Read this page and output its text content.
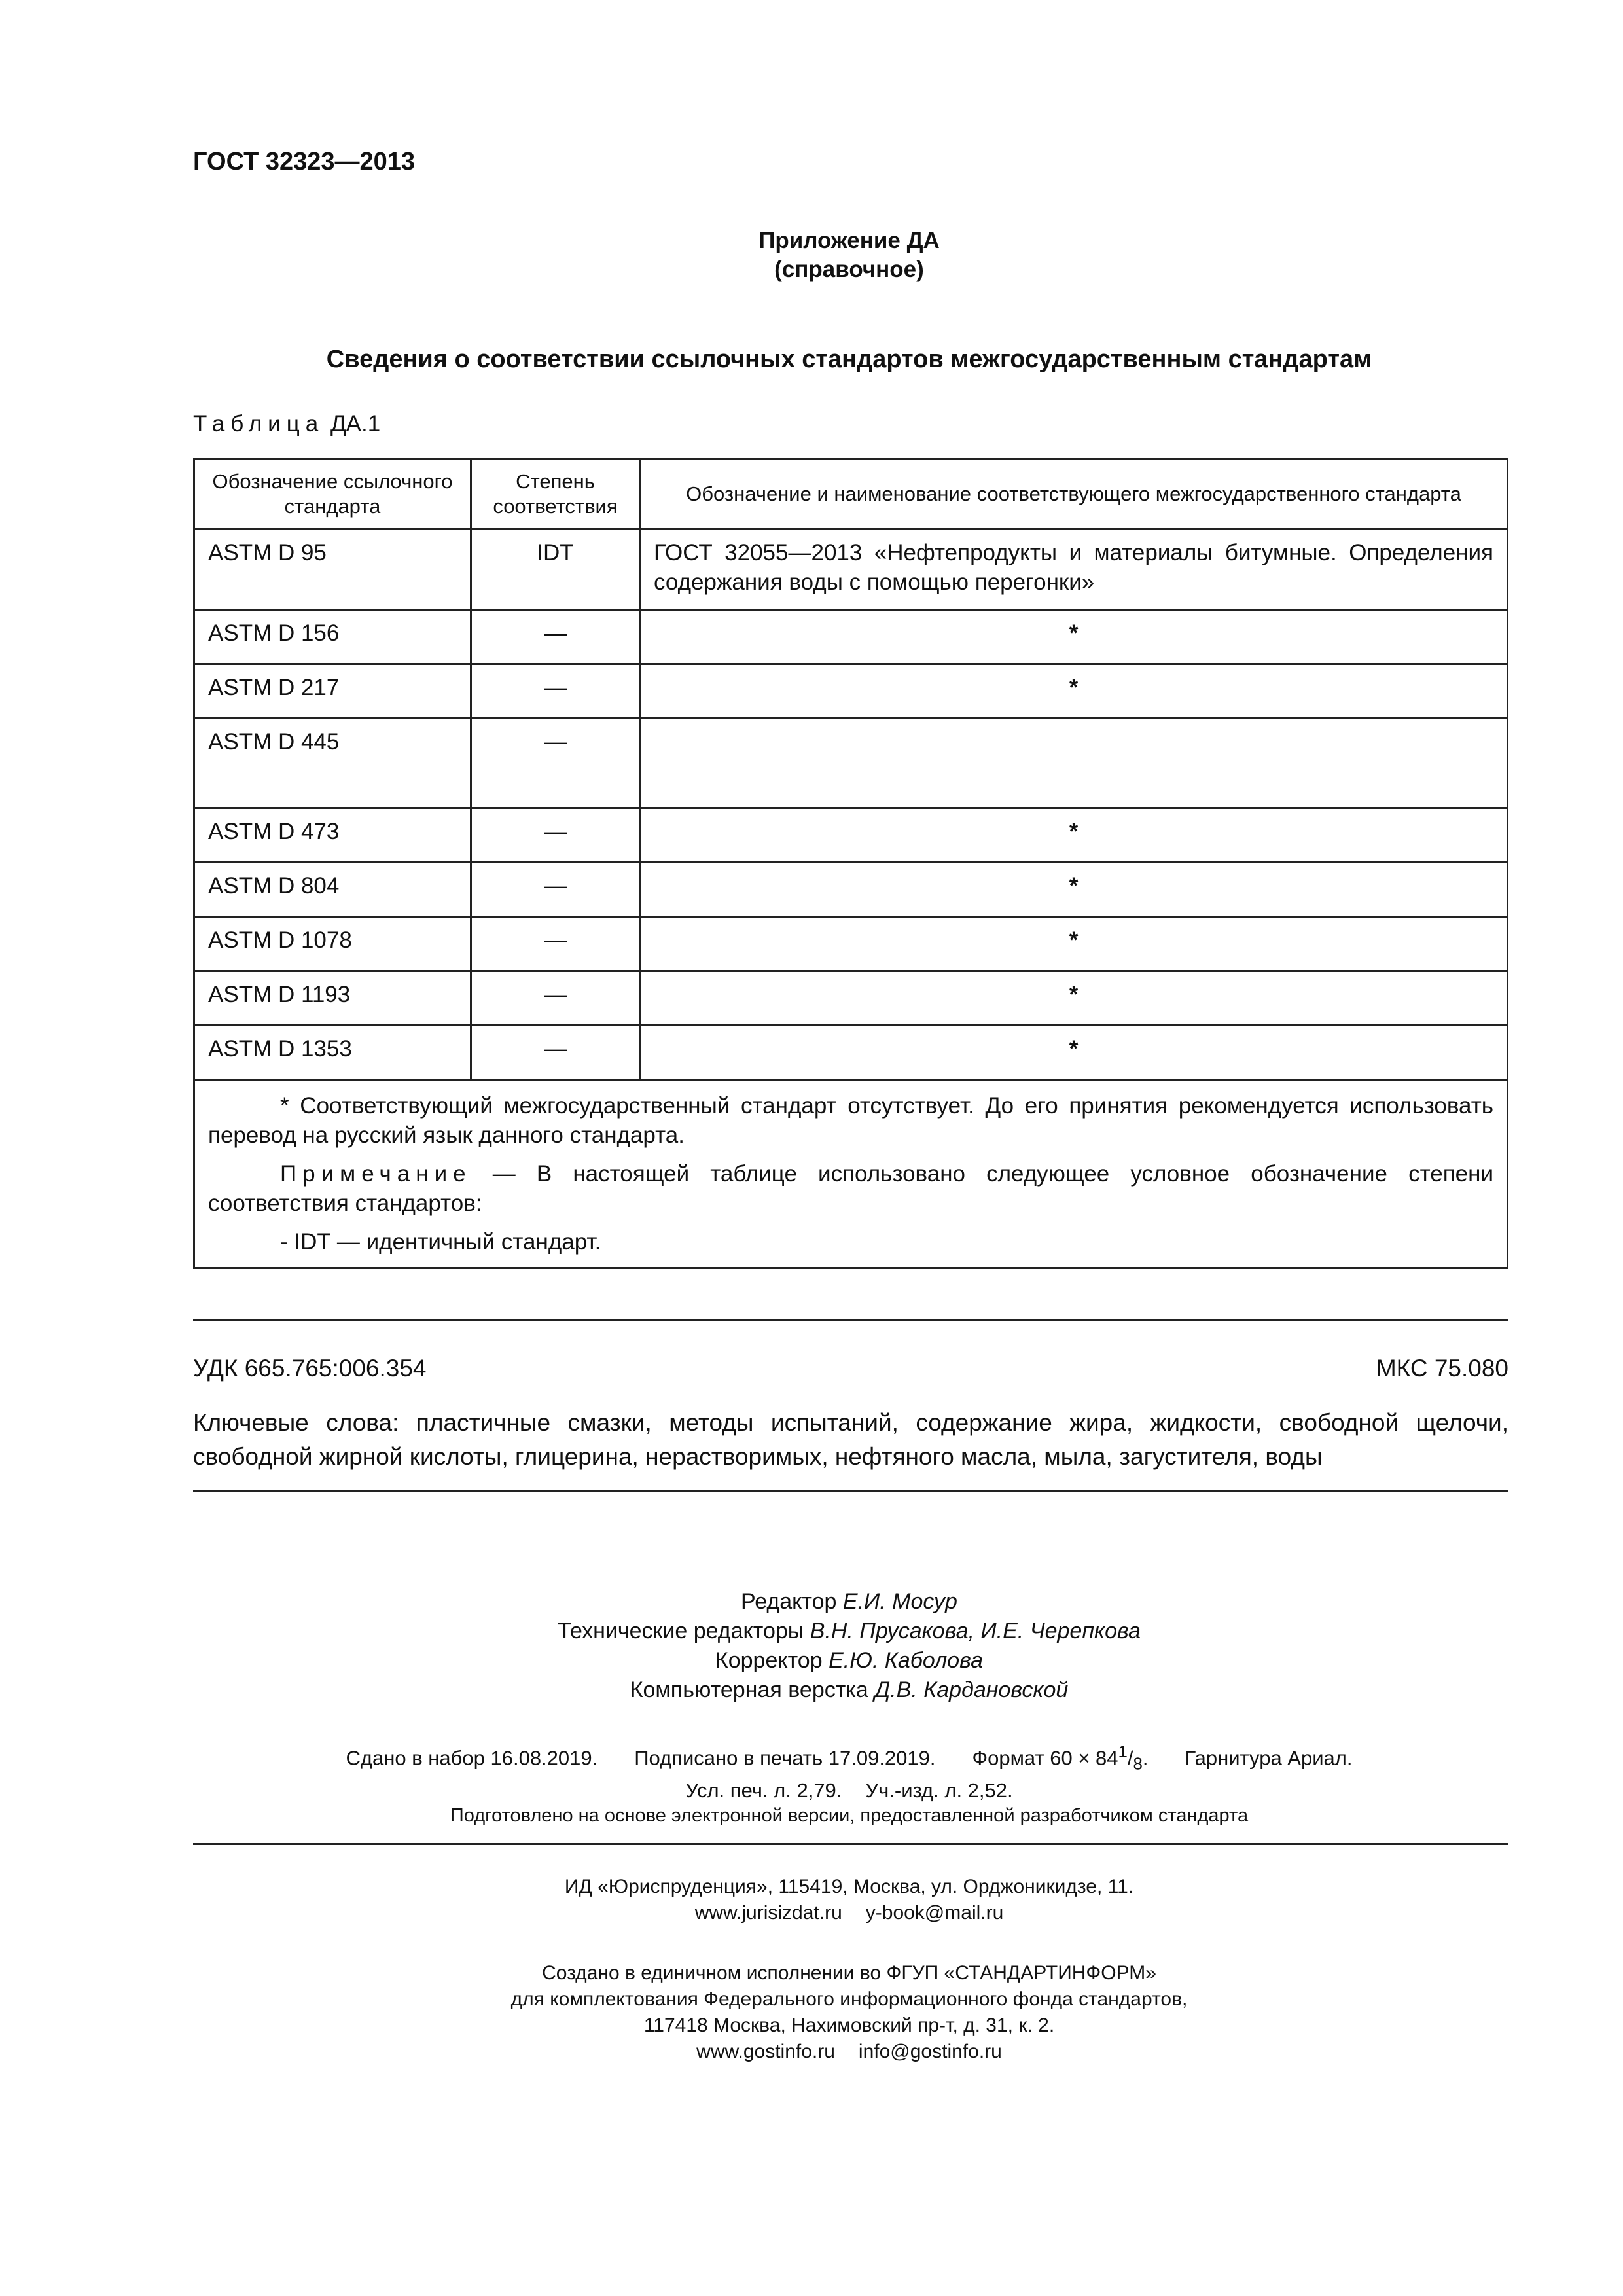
ГОСТ 32323—2013
Приложение ДА
(справочное)
Сведения о соответствии ссылочных стандартов межгосударственным стандартам
Таблица ДА.1
Обозначение ссылочного стандарта	Степень соответствия	Обозначение и наименование соответствующего межгосударственного стандарта
ASTM D 95	IDT	ГОСТ 32055—2013 «Нефтепродукты и материалы битумные. Определения содержания воды с помощью перегонки»
ASTM D 156	—	*
ASTM D 217	—	*
ASTM D 445	—	
ASTM D 473	—	*
ASTM D 804	—	*
ASTM D 1078	—	*
ASTM D 1193	—	*
ASTM D 1353	—	*

* Соответствующий межгосударственный стандарт отсутствует. До его принятия рекомендуется использовать перевод на русский язык данного стандарта.

Примечание — В настоящей таблице использовано следующее условное обозначение степени соответствия стандартов:

- IDT — идентичный стандарт.		
УДК 665.765:006.354	МКС 75.080
Ключевые слова: пластичные смазки, методы испытаний, содержание жира, жидкости, свободной щелочи, свободной жирной кислоты, глицерина, нерастворимых, нефтяного масла, мыла, загустителя, воды
Редактор Е.И. Мосур
Технические редакторы В.Н. Прусакова, И.Е. Черепкова
Корректор Е.Ю. Каболова
Компьютерная верстка Д.В. Кардановской
Сдано в набор 16.08.2019. Подписано в печать 17.09.2019. Формат $60 \times 84^1/_8$. Гарнитура Ариал.
Усл. печ. л. 2,79. Уч.-изд. л. 2,52.
Подготовлено на основе электронной версии, предоставленной разработчиком стандарта
ИД «Юриспруденция», 115419, Москва, ул. Орджоникидзе, 11.
www.jurisizdat.ru y-book@mail.ru
Создано в единичном исполнении во ФГУП «СТАНДАРТИНФОРМ»
для комплектования Федерального информационного фонда стандартов,
117418 Москва, Нахимовский пр-т, д. 31, к. 2.
www.gostinfo.ru info@gostinfo.ru
